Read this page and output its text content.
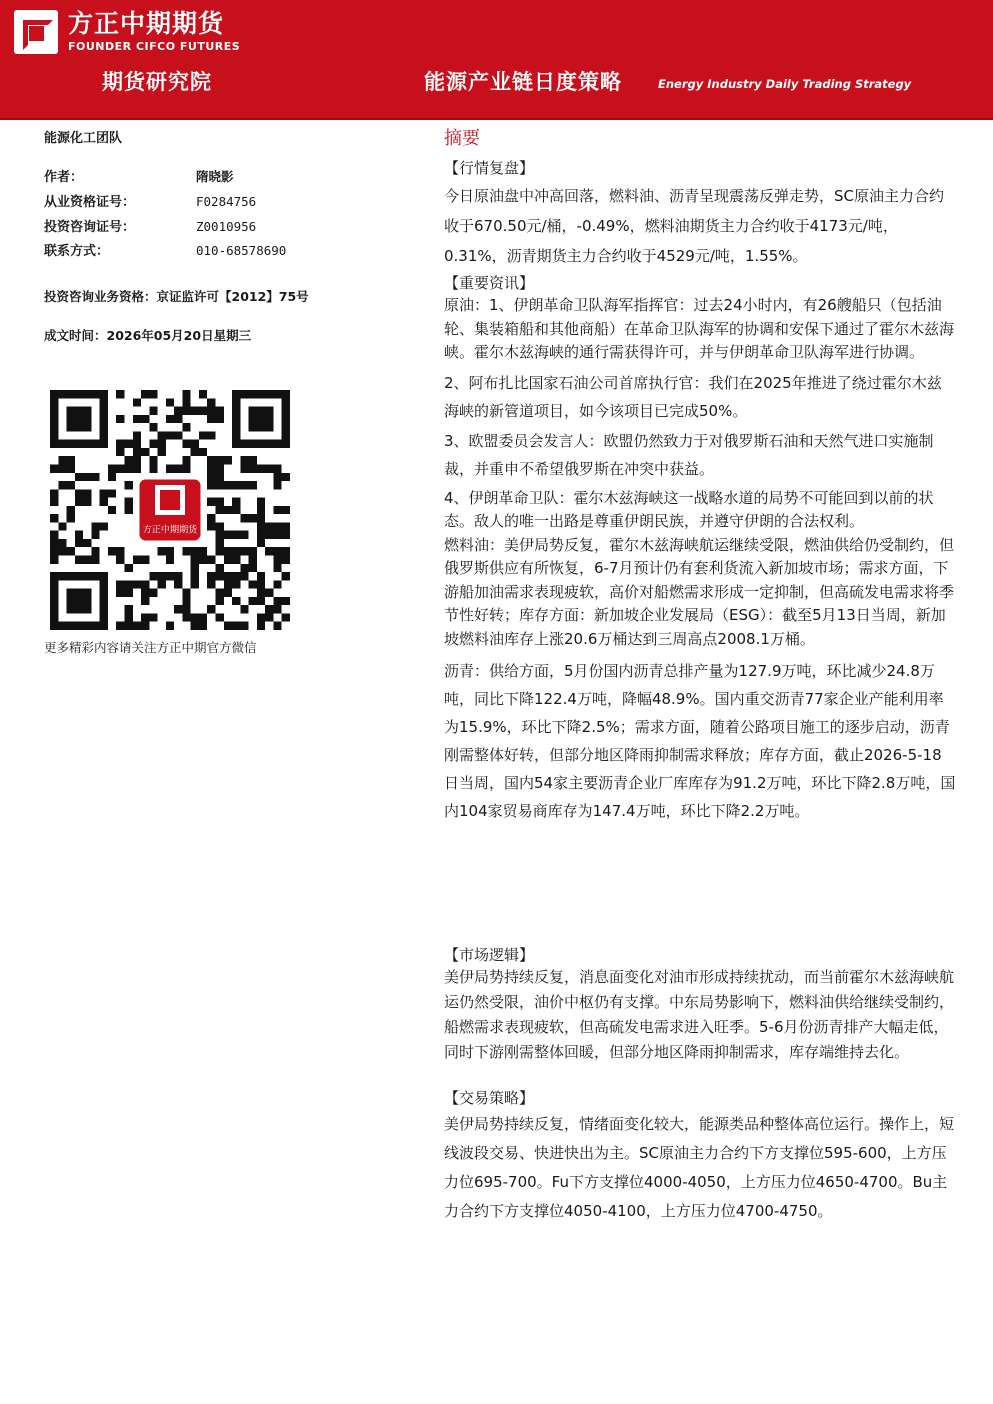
方正中期期货
FOUNDER CIFCO FUTURES
期货研究院	能源产业链日度策略	Energy Industry Daily Trading Strategy
能源化工团队
作者：	隋晓影
从业资格证号：	F0284756
投资咨询证号：	Z0010956
联系方式：	010-68578690
投资咨询业务资格：京证监许可【2012】75号
成文时间：2026年05月20日星期三
方正中期期货
更多精彩内容请关注方正中期官方微信
摘要
【行情复盘】

今日原油盘中冲高回落，燃料油、沥青呈现震荡反弹走势，SC原油主力合约收于670.50元/桶，-0.49%，燃料油期货主力合约收于4173元/吨，0.31%，沥青期货主力合约收于4529元/吨，1.55%。

【重要资讯】

原油：1、伊朗革命卫队海军指挥官：过去24小时内，有26艘船只（包括油轮、集装箱船和其他商船）在革命卫队海军的协调和安保下通过了霍尔木兹海峡。霍尔木兹海峡的通行需获得许可，并与伊朗革命卫队海军进行协调。

2、阿布扎比国家石油公司首席执行官：我们在2025年推进了绕过霍尔木兹海峡的新管道项目，如今该项目已完成50%。

3、欧盟委员会发言人：欧盟仍然致力于对俄罗斯石油和天然气进口实施制裁，并重申不希望俄罗斯在冲突中获益。

4、伊朗革命卫队：霍尔木兹海峡这一战略水道的局势不可能回到以前的状态。敌人的唯一出路是尊重伊朗民族，并遵守伊朗的合法权利。

燃料油：美伊局势反复，霍尔木兹海峡航运继续受限，燃油供给仍受制约，但俄罗斯供应有所恢复，6-7月预计仍有套利货流入新加坡市场；需求方面，下游船加油需求表现疲软，高价对船燃需求形成一定抑制，但高硫发电需求将季节性好转；库存方面：新加坡企业发展局（ESG）：截至5月13日当周，新加坡燃料油库存上涨20.6万桶达到三周高点2008.1万桶。

沥青：供给方面，5月份国内沥青总排产量为127.9万吨，环比减少24.8万吨，同比下降122.4万吨，降幅48.9%。国内重交沥青77家企业产能利用率为15.9%，环比下降2.5%；需求方面，随着公路项目施工的逐步启动，沥青刚需整体好转，但部分地区降雨抑制需求释放；库存方面，截止2026-5-18日当周，国内54家主要沥青企业厂库库存为91.2万吨，环比下降2.8万吨，国内104家贸易商库存为147.4万吨，环比下降2.2万吨。

【市场逻辑】

美伊局势持续反复，消息面变化对油市形成持续扰动，而当前霍尔木兹海峡航运仍然受限，油价中枢仍有支撑。中东局势影响下，燃料油供给继续受制约，船燃需求表现疲软，但高硫发电需求进入旺季。5-6月份沥青排产大幅走低，同时下游刚需整体回暖，但部分地区降雨抑制需求，库存端维持去化。

【交易策略】

美伊局势持续反复，情绪面变化较大，能源类品种整体高位运行。操作上，短线波段交易、快进快出为主。SC原油主力合约下方支撑位595-600，上方压力位695-700。Fu下方支撑位4000-4050，上方压力位4650-4700。Bu主力合约下方支撑位4050-4100，上方压力位4700-4750。
